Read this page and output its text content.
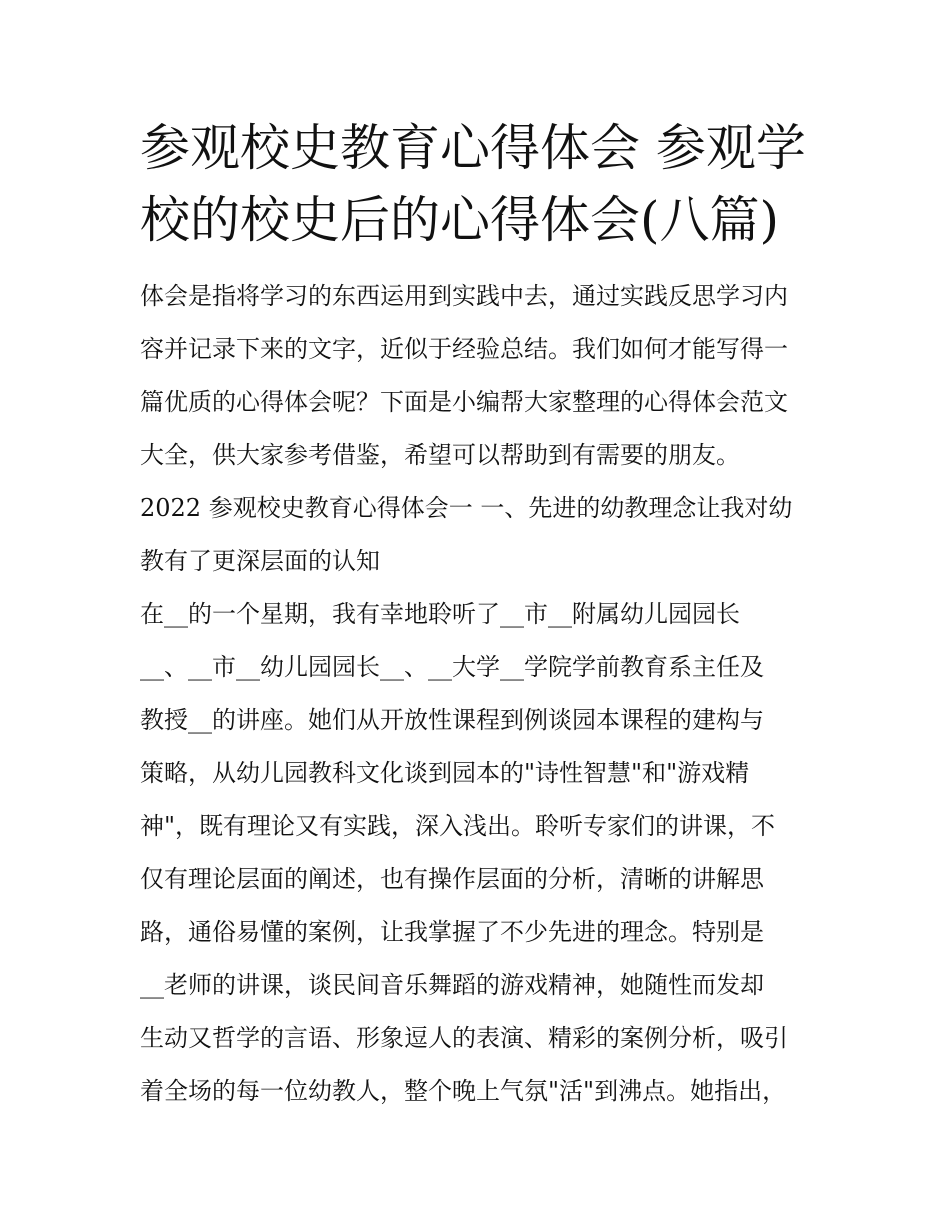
参观校史教育心得体会 参观学
校的校史后的心得体会(八篇)

体会是指将学习的东西运用到实践中去，通过实践反思学习内
容并记录下来的文字，近似于经验总结。我们如何才能写得一
篇优质的心得体会呢？下面是小编帮大家整理的心得体会范文
大全，供大家参考借鉴，希望可以帮助到有需要的朋友。

2022 参观校史教育心得体会一 一、先进的幼教理念让我对幼
教有了更深层面的认知

在__的一个星期，我有幸地聆听了__市__附属幼儿园园长
__、__市__幼儿园园长__、__大学__学院学前教育系主任及
教授__的讲座。她们从开放性课程到例谈园本课程的建构与
策略，从幼儿园教科文化谈到园本的"诗性智慧"和"游戏精
神"，既有理论又有实践，深入浅出。聆听专家们的讲课，不
仅有理论层面的阐述，也有操作层面的分析，清晰的讲解思
路，通俗易懂的案例，让我掌握了不少先进的理念。特别是
__老师的讲课，谈民间音乐舞蹈的游戏精神，她随性而发却
生动又哲学的言语、形象逗人的表演、精彩的案例分析，吸引
着全场的每一位幼教人，整个晚上气氛"活"到沸点。她指出，
